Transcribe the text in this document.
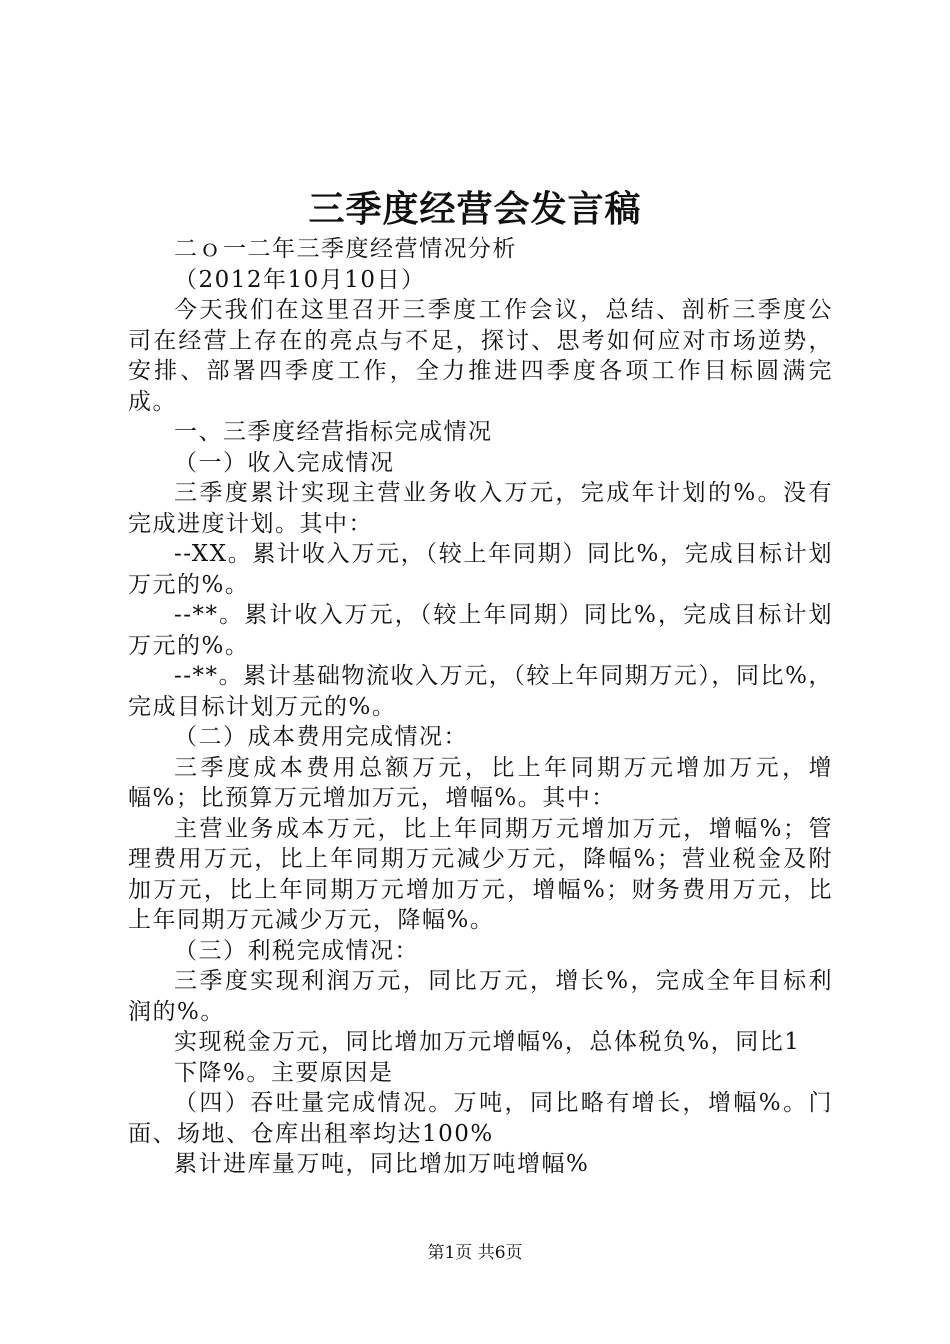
三季度经营会发言稿

二ｏ一二年三季度经营情况分析

（2012年10月10日）

今天我们在这里召开三季度工作会议，总结、剖析三季度公司在经营上存在的亮点与不足，探讨、思考如何应对市场逆势，安排、部署四季度工作，全力推进四季度各项工作目标圆满完成。

一、三季度经营指标完成情况

（一）收入完成情况

三季度累计实现主营业务收入万元，完成年计划的%。没有完成进度计划。其中：

--XX。累计收入万元，（较上年同期）同比%，完成目标计划万元的%。

--**。累计收入万元，（较上年同期）同比%，完成目标计划万元的%。

--**。累计基础物流收入万元，（较上年同期万元），同比%，完成目标计划万元的%。

（二）成本费用完成情况：

三季度成本费用总额万元，比上年同期万元增加万元，增幅%；比预算万元增加万元，增幅%。其中：

主营业务成本万元，比上年同期万元增加万元，增幅%；管理费用万元，比上年同期万元减少万元，降幅%；营业税金及附加万元，比上年同期万元增加万元，增幅%；财务费用万元，比上年同期万元减少万元，降幅%。

（三）利税完成情况：

三季度实现利润万元，同比万元，增长%，完成全年目标利润的%。

实现税金万元，同比增加万元增幅%，总体税负%，同比1

下降%。主要原因是

（四）吞吐量完成情况。万吨，同比略有增长，增幅%。门面、场地、仓库出租率均达100%

累计进库量万吨，同比增加万吨增幅%

第1页 共6页
